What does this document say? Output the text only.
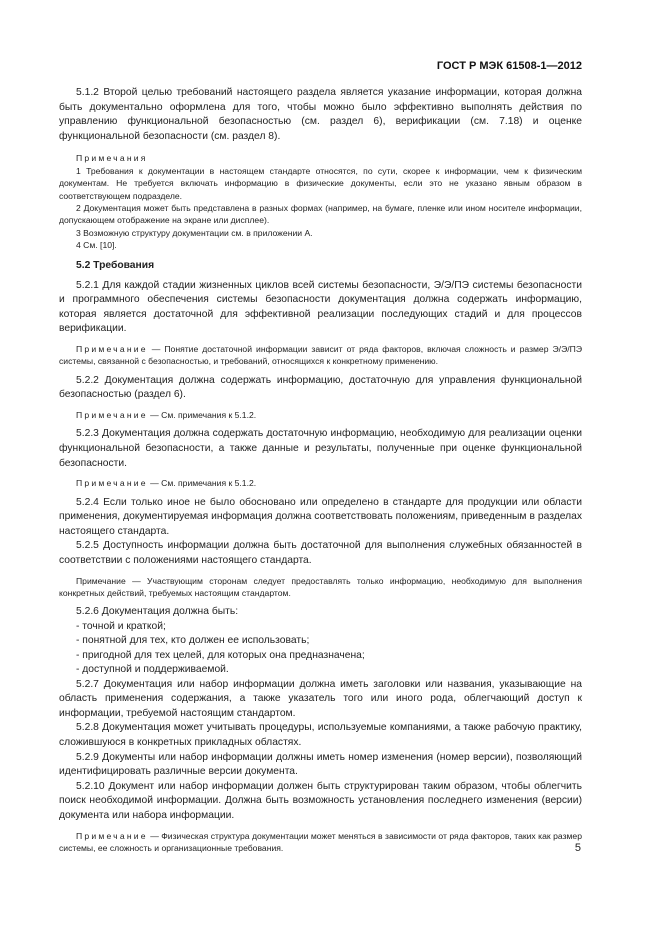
ГОСТ Р МЭК 61508-1—2012

5.1.2 Второй целью требований настоящего раздела является указание информации, которая должна быть документально оформлена для того, чтобы можно было эффективно выполнять действия по управлению функциональной безопасностью (см. раздел 6), верификации (см. 7.18) и оценке функциональной безопасности (см. раздел 8).

Примечания

1 Требования к документации в настоящем стандарте относятся, по сути, скорее к информации, чем к физическим документам. Не требуется включать информацию в физические документы, если это не указано явным образом в соответствующем подразделе.

2 Документация может быть представлена в разных формах (например, на бумаге, пленке или ином носителе информации, допускающем отображение на экране или дисплее).

3 Возможную структуру документации см. в приложении А.

4 См. [10].

5.2 Требования

5.2.1 Для каждой стадии жизненных циклов всей системы безопасности, Э/Э/ПЭ системы безопасности и программного обеспечения системы безопасности документация должна содержать информацию, которая является достаточной для эффективной реализации последующих стадий и для процессов верификации.

Примечание — Понятие достаточной информации зависит от ряда факторов, включая сложность и размер Э/Э/ПЭ системы, связанной с безопасностью, и требований, относящихся к конкретному применению.

5.2.2 Документация должна содержать информацию, достаточную для управления функциональной безопасностью (раздел 6).

Примечание — См. примечания к 5.1.2.

5.2.3 Документация должна содержать достаточную информацию, необходимую для реализации оценки функциональной безопасности, а также данные и результаты, полученные при оценке функциональной безопасности.

Примечание — См. примечания к 5.1.2.

5.2.4 Если только иное не было обосновано или определено в стандарте для продукции или области применения, документируемая информация должна соответствовать положениям, приведенным в разделах настоящего стандарта.

5.2.5 Доступность информации должна быть достаточной для выполнения служебных обязанностей в соответствии с положениями настоящего стандарта.

Примечание — Участвующим сторонам следует предоставлять только информацию, необходимую для выполнения конкретных действий, требуемых настоящим стандартом.

5.2.6 Документация должна быть:

- точной и краткой;

- понятной для тех, кто должен ее использовать;

- пригодной для тех целей, для которых она предназначена;

- доступной и поддерживаемой.

5.2.7 Документация или набор информации должна иметь заголовки или названия, указывающие на область применения содержания, а также указатель того или иного рода, облегчающий доступ к информации, требуемой настоящим стандартом.

5.2.8 Документация может учитывать процедуры, используемые компаниями, а также рабочую практику, сложившуюся в конкретных прикладных областях.

5.2.9 Документы или набор информации должны иметь номер изменения (номер версии), позволяющий идентифицировать различные версии документа.

5.2.10 Документ или набор информации должен быть структурирован таким образом, чтобы облегчить поиск необходимой информации. Должна быть возможность установления последнего изменения (версии) документа или набора информации.

Примечание — Физическая структура документации может меняться в зависимости от ряда факторов, таких как размер системы, ее сложность и организационные требования.	5
